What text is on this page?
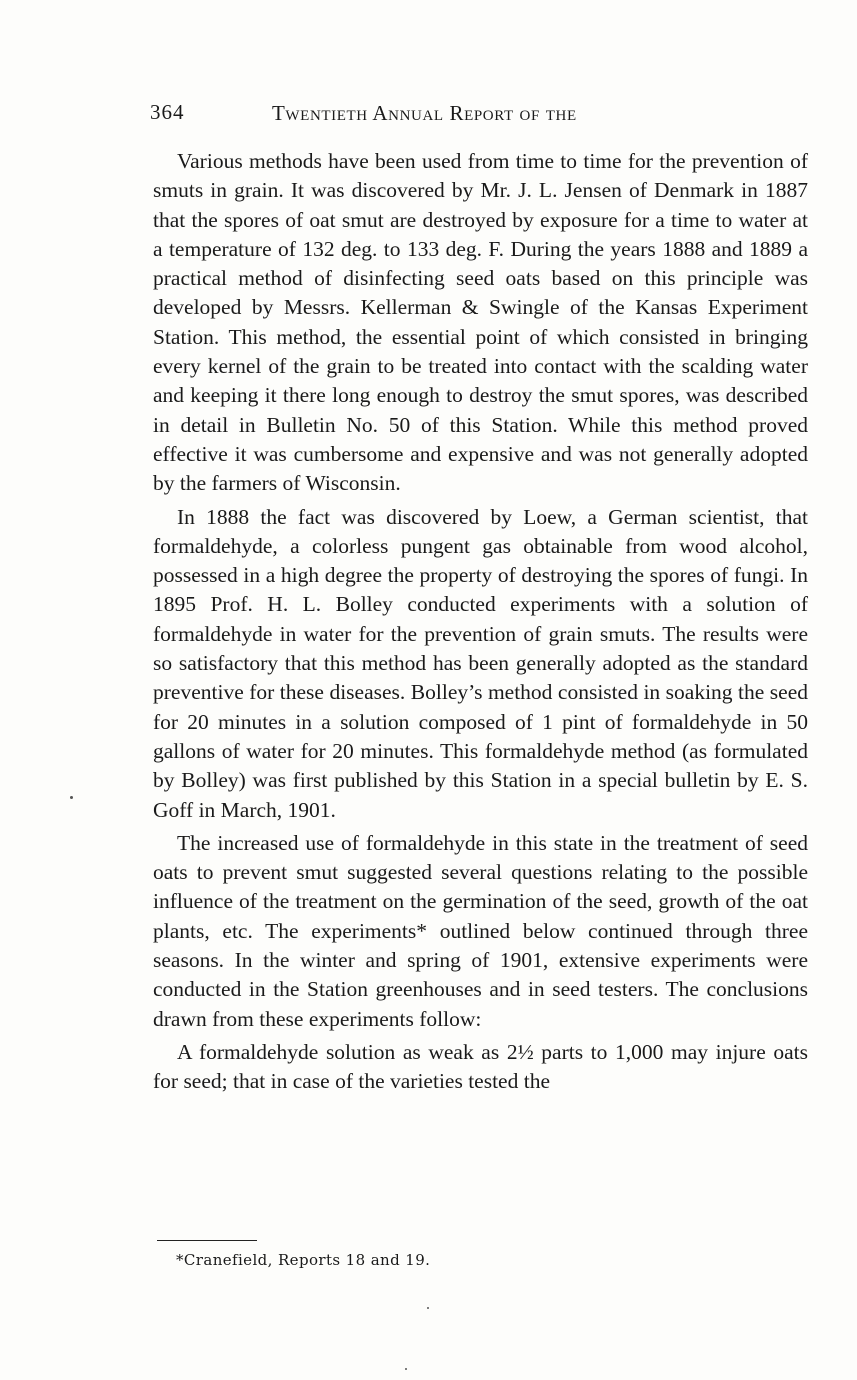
364	Twentieth Annual Report of the

Various methods have been used from time to time for the prevention of smuts in grain. It was discovered by Mr. J. L. Jensen of Denmark in 1887 that the spores of oat smut are destroyed by exposure for a time to water at a temperature of 132 deg. to 133 deg. F. During the years 1888 and 1889 a practical method of disinfecting seed oats based on this principle was developed by Messrs. Kellerman & Swingle of the Kansas Experiment Station. This method, the essential point of which consisted in bringing every kernel of the grain to be treated into contact with the scalding water and keeping it there long enough to destroy the smut spores, was described in detail in Bulletin No. 50 of this Station. While this method proved effective it was cumbersome and expensive and was not generally adopted by the farmers of Wisconsin.

In 1888 the fact was discovered by Loew, a German scientist, that formaldehyde, a colorless pungent gas obtainable from wood alcohol, possessed in a high degree the property of destroying the spores of fungi. In 1895 Prof. H. L. Bolley conducted experiments with a solution of formaldehyde in water for the prevention of grain smuts. The results were so satisfactory that this method has been generally adopted as the standard preventive for these diseases. Bolley’s method consisted in soaking the seed for 20 minutes in a solution composed of 1 pint of formaldehyde in 50 gallons of water for 20 minutes. This formaldehyde method (as formulated by Bolley) was first published by this Station in a special bulletin by E. S. Goff in March, 1901.

The increased use of formaldehyde in this state in the treatment of seed oats to prevent smut suggested several questions relating to the possible influence of the treatment on the germination of the seed, growth of the oat plants, etc. The experiments* outlined below continued through three seasons. In the winter and spring of 1901, extensive experiments were conducted in the Station greenhouses and in seed testers. The conclusions drawn from these experiments follow:

A formaldehyde solution as weak as 2½ parts to 1,000 may injure oats for seed; that in case of the varieties tested the

*Cranefield, Reports 18 and 19.
